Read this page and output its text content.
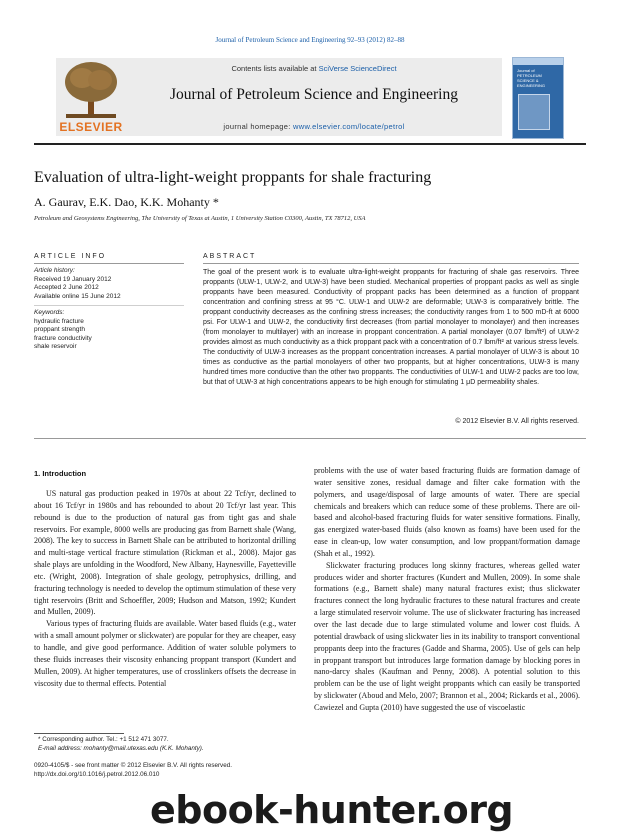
Journal of Petroleum Science and Engineering 92–93 (2012) 82–88
ELSEVIER
Contents lists available at SciVerse ScienceDirect
Journal of Petroleum Science and Engineering
journal homepage: www.elsevier.com/locate/petrol
Journal of PETROLEUM SCIENCE & ENGINEERING
Evaluation of ultra-light-weight proppants for shale fracturing
A. Gaurav, E.K. Dao, K.K. Mohanty *
Petroleum and Geosystems Engineering, The University of Texas at Austin, 1 University Station C0300, Austin, TX 78712, USA
ARTICLE INFO
Article history:
Received 19 January 2012
Accepted 2 June 2012
Available online 15 June 2012
Keywords:
hydraulic fracture
proppant strength
fracture conductivity
shale reservoir
ABSTRACT
The goal of the present work is to evaluate ultra-light-weight proppants for fracturing of shale gas reservoirs. Three proppants (ULW-1, ULW-2, and ULW-3) have been studied. Mechanical properties of proppant packs as well as single proppants have been measured. Conductivity of proppant packs has been determined as a function of proppant concentration and confining stress at 95 °C. ULW-1 and ULW-2 are deformable; ULW-3 is comparatively brittle. The proppant conductivity decreases as the confining stress increases; the conductivity ranges from 1 to 500 mD-ft at 6000 psi. For ULW-1 and ULW-2, the conductivity first decreases (from partial monolayer to monolayer) and then increases (from monolayer to multilayer) with an increase in proppant concentration. A partial monolayer (0.07 lbm/ft²) of ULW-2 provides almost as much conductivity as a thick proppant pack with a concentration of 0.7 lbm/ft² at various stress levels. The conductivity of ULW-3 increases as the proppant concentration increases. A partial monolayer of ULW-3 is about 10 times as conductive as the partial monolayers of other two proppants, but at higher concentrations, ULW-3 is many hundred times more conductive than the other two proppants. The conductivities of ULW-1 and ULW-2 packs are too low, but that of ULW-3 at high concentrations appears to be high enough for stimulating 1 μD permeability shales.
© 2012 Elsevier B.V. All rights reserved.
1. Introduction

US natural gas production peaked in 1970s at about 22 Tcf/yr, declined to about 16 Tcf/yr in 1980s and has rebounded to about 20 Tcf/yr last year. This rebound is due to the production of natural gas from tight gas and shale reservoirs. For example, 8000 wells are producing gas from Barnett shale (Wang, 2008). The key to success in Barnett Shale can be attributed to horizontal drilling and multi-stage vertical fracture stimulation (Rickman et al., 2008). Major gas shale plays are unfolding in the Woodford, New Albany, Haynesville, Fayetteville etc. (Wright, 2008). Integration of shale geology, petrophysics, drilling, and fracturing technology is needed to develop the optimum stimulation of these very tight reservoirs (Britt and Schoeffler, 2009; Hudson and Matson, 1992; Kundert and Mullen, 2009).

Various types of fracturing fluids are available. Water based fluids (e.g., water with a small amount polymer or slickwater) are popular for they are cheaper, easy to handle, and give good performance. Addition of water soluble polymers to these fluids increases their viscosity enhancing proppant transport (Kundert and Mullen, 2009). At higher temperatures, use of crosslinkers offsets the decrease in viscosity due to thermal effects. Potential

problems with the use of water based fracturing fluids are formation damage of water sensitive zones, residual damage and filter cake formation with the polymers, and usage/disposal of large amounts of water. There are special chemicals and breakers which can reduce some of these problems. There are oil-based and alcohol-based fracturing fluids for water sensitive formations. Finally, gas energized water-based fluids (also known as foams) have been used for the ease in clean-up, low water consumption, and low proppant/formation damage (Shah et al., 1992).

Slickwater fracturing produces long skinny fractures, whereas gelled water produces wider and shorter fractures (Kundert and Mullen, 2009). In some shale formations (e.g., Barnett shale) many natural fractures exist; thus slickwater fractures connect the long hydraulic fractures to these natural fractures and create a large stimulated reservoir volume. The use of slickwater fracturing has increased over the last decade due to large stimulated volume and lower cost fluids. A potential drawback of using slickwater lies in its inability to transport conventional proppants deep into the fractures (Gadde and Sharma, 2005). Use of gels can help in proppant transport but introduces large formation damage by blocking pores in nano-darcy shales (Kaufman and Penny, 2008). A potential solution to this problem can be the use of light weight proppants which can easily be transported by slickwater (Aboud and Melo, 2007; Brannon et al., 2004; Rickards et al., 2006). Cawiezel and Gupta (2010) have suggested the use of viscoelastic

* Corresponding author. Tel.: +1 512 471 3077.
E-mail address: mohanty@mail.utexas.edu (K.K. Mohanty).
0920-4105/$ - see front matter © 2012 Elsevier B.V. All rights reserved.
http://dx.doi.org/10.1016/j.petrol.2012.06.010
ebook-hunter.org
